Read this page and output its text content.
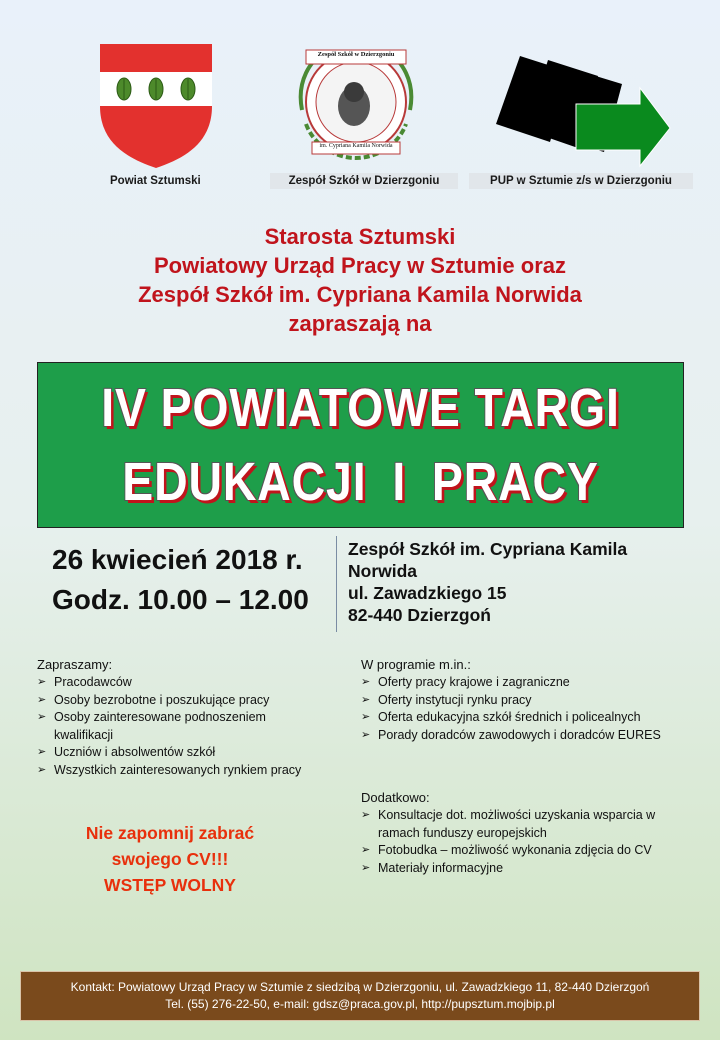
Powiat Sztumski
Zespół Szkół w Dzierzgoniu
im. Cypriana Kamila Norwida
Zespół Szkół w Dzierzgoniu	PUP w Sztumie z/s w Dzierzgoniu
Starosta Sztumski
Powiatowy Urząd Pracy w Sztumie oraz
Zespół Szkół im. Cypriana Kamila Norwida
zapraszają na
IV POWIATOWE TARGI
EDUKACJI I PRACY
26 kwiecień 2018 r.
Godz. 10.00 – 12.00
Zespół Szkół im. Cypriana Kamila
Norwida
ul. Zawadzkiego 15
82-440 Dzierzgoń
Zapraszamy:
➢ Pracodawców
➢ Osoby bezrobotne i poszukujące pracy
➢ Osoby zainteresowane podnoszeniem kwalifikacji
➢ Uczniów i absolwentów szkół
➢ Wszystkich zainteresowanych rynkiem pracy
W programie m.in.:
➢ Oferty pracy krajowe i zagraniczne
➢ Oferty instytucji rynku pracy
➢ Oferta edukacyjna szkół średnich i policealnych
➢ Porady doradców zawodowych i doradców EURES
Dodatkowo:
➢ Konsultacje dot. możliwości uzyskania wsparcia w ramach funduszy europejskich
➢ Fotobudka – możliwość wykonania zdjęcia do CV
➢ Materiały informacyjne
Nie zapomnij zabrać
swojego CV!!!
WSTĘP WOLNY
Kontakt: Powiatowy Urząd Pracy w Sztumie z siedzibą w Dzierzgoniu, ul. Zawadzkiego 11, 82-440 Dzierzgoń
Tel. (55) 276-22-50, e-mail: gdsz@praca.gov.pl, http://pupsztum.mojbip.pl
